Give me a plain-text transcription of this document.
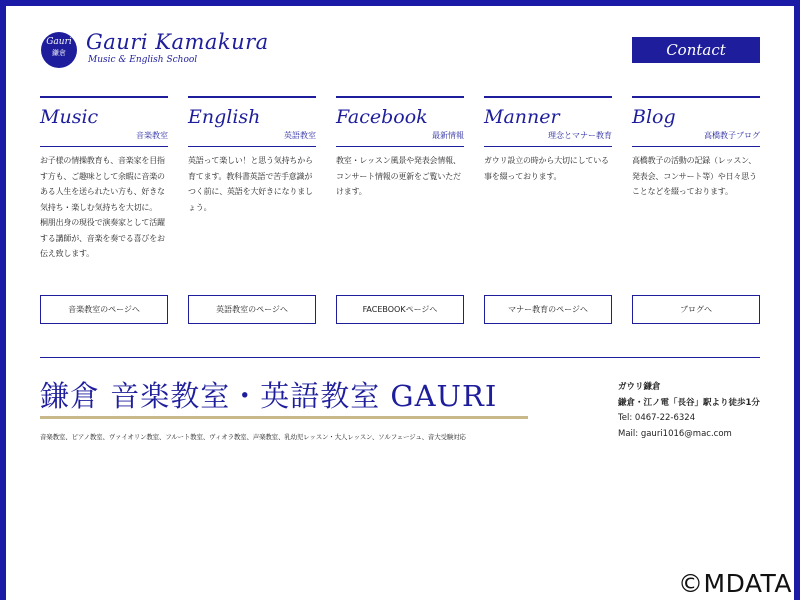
Gauri
鎌倉 Gauri Kamakura
Music & English School
Contact
Music
音楽教室
お子様の情操教育も、音楽家を目指す方も、ご趣味として余暇に音楽のある人生を送られたい方も、好きな気持ち・楽しむ気持ちを大切に。
桐朋出身の現役で演奏家として活躍する講師が、音楽を奏でる喜びをお伝え致します。
音楽教室のページへ
English
英語教室
英語って楽しい！と思う気持ちから育てます。教科書英語で苦手意識がつく前に、英語を大好きになりましょう。
英語教室のページへ
Facebook
最新情報
教室・レッスン風景や発表会情報、コンサート情報の更新をご覧いただけます。
FACEBOOKページへ
Manner
理念とマナー教育
ガウリ設立の時から大切にしている事を綴っております。
マナー教育のページへ
Blog
高橋教子ブログ
高橋教子の活動の記録（レッスン、発表会、コンサート等）や日々思うことなどを綴っております。
ブログへ
鎌倉 音楽教室・英語教室 GAURI
音楽教室、ピアノ教室、ヴァイオリン教室、フルート教室、ヴィオラ教室、声楽教室、乳幼児レッスン・大人レッスン、ソルフェージュ、音大受験対応
ガウリ鎌倉
鎌倉・江ノ電「長谷」駅より徒歩1分
Tel: 0467-22-6324
Mail: gauri1016@mac.com
©MDATA
